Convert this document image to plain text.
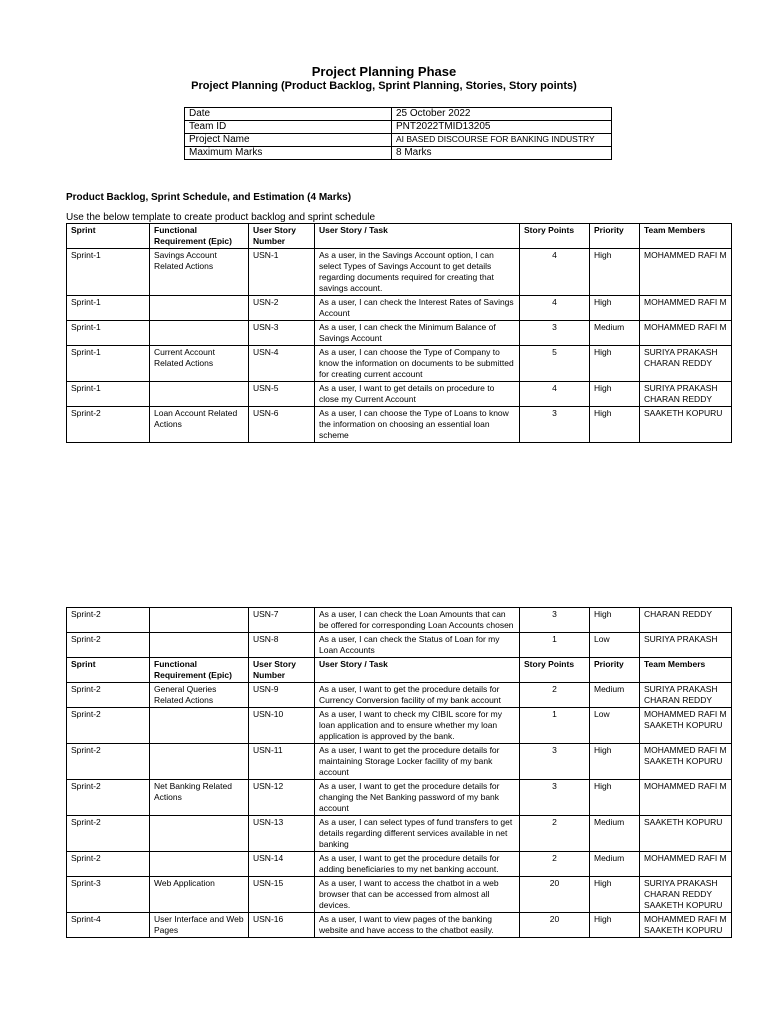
Project Planning Phase
Project Planning (Product Backlog, Sprint Planning, Stories, Story points)
Date	25 October 2022
Team ID	PNT2022TMID13205
Project Name	AI BASED DISCOURSE FOR BANKING INDUSTRY
Maximum Marks	8 Marks
Product Backlog, Sprint Schedule, and Estimation (4 Marks)
Use the below template to create product backlog and sprint schedule
Sprint	Functional Requirement (Epic)	User Story Number	User Story / Task	Story Points	Priority	Team Members
Sprint-1	Savings Account Related Actions	USN-1	As a user, in the Savings Account option, I can select Types of Savings Account to get details regarding documents required for creating that savings account.	4	High	MOHAMMED RAFI M
Sprint-1		USN-2	As a user, I can check the Interest Rates of Savings Account	4	High	MOHAMMED RAFI M
Sprint-1		USN-3	As a user, I can check the Minimum Balance of Savings Account	3	Medium	MOHAMMED RAFI M
Sprint-1	Current Account Related Actions	USN-4	As a user, I can choose the Type of Company to know the information on documents to be submitted for creating current account	5	High	SURIYA PRAKASH CHARAN REDDY
Sprint-1		USN-5	As a user, I want to get details on procedure to close my Current Account	4	High	SURIYA PRAKASH CHARAN REDDY
Sprint-2	Loan Account Related Actions	USN-6	As a user, I can choose the Type of Loans to know the information on choosing an essential loan scheme	3	High	SAAKETH KOPURU
Sprint-2		USN-7	As a user, I can check the Loan Amounts that can be offered for corresponding Loan Accounts chosen	3	High	CHARAN REDDY
Sprint-2		USN-8	As a user, I can check the Status of Loan for my Loan Accounts	1	Low	SURIYA PRAKASH
Sprint	Functional Requirement (Epic)	User Story Number	User Story / Task	Story Points	Priority	Team Members
Sprint-2	General Queries Related Actions	USN-9	As a user, I want to get the procedure details for Currency Conversion facility of my bank account	2	Medium	SURIYA PRAKASH CHARAN REDDY
Sprint-2		USN-10	As a user, I want to check my CIBIL score for my loan application and to ensure whether my loan application is approved by the bank.	1	Low	MOHAMMED RAFI M SAAKETH KOPURU
Sprint-2		USN-11	As a user, I want to get the procedure details for maintaining Storage Locker facility of my bank account	3	High	MOHAMMED RAFI M SAAKETH KOPURU
Sprint-2	Net Banking Related Actions	USN-12	As a user, I want to get the procedure details for changing the Net Banking password of my bank account	3	High	MOHAMMED RAFI M
Sprint-2		USN-13	As a user, I can select types of fund transfers to get details regarding different services available in net banking	2	Medium	SAAKETH KOPURU
Sprint-2		USN-14	As a user, I want to get the procedure details for adding beneficiaries to my net banking account.	2	Medium	MOHAMMED RAFI M
Sprint-3	Web Application	USN-15	As a user, I want to access the chatbot in a web browser that can be accessed from almost all devices.	20	High	SURIYA PRAKASH CHARAN REDDY SAAKETH KOPURU
Sprint-4	User Interface and Web Pages	USN-16	As a user, I want to view pages of the banking website and have access to the chatbot easily.	20	High	MOHAMMED RAFI M SAAKETH KOPURU
